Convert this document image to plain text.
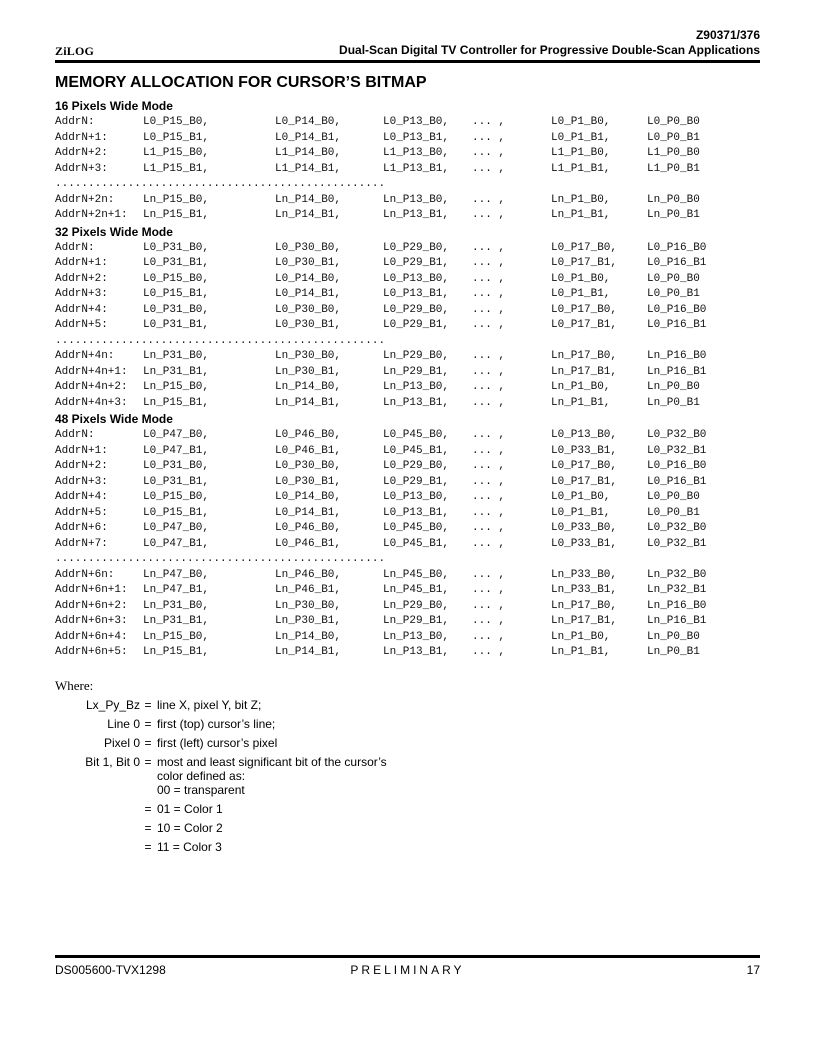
Z90371/376
ZiLOG	Dual-Scan Digital TV Controller for Progressive Double-Scan Applications
MEMORY ALLOCATION FOR CURSOR’S BITMAP
16 Pixels Wide Mode
AddrN:	L0_P15_B0,	L0_P14_B0,	L0_P13_B0, ... ,	L0_P1_B0,	L0_P0_B0
AddrN+1:	L0_P15_B1,	L0_P14_B1,	L0_P13_B1, ... ,	L0_P1_B1,	L0_P0_B1
AddrN+2:	L1_P15_B0,	L1_P14_B0,	L1_P13_B0, ... ,	L1_P1_B0,	L1_P0_B0
AddrN+3:	L1_P15_B1,	L1_P14_B1,	L1_P13_B1, ... ,	L1_P1_B1,	L1_P0_B1
..................................................
AddrN+2n:	Ln_P15_B0,	Ln_P14_B0,	Ln_P13_B0, ... ,	Ln_P1_B0,	Ln_P0_B0
AddrN+2n+1: Ln_P15_B1,	Ln_P14_B1,	Ln_P13_B1, ... ,	Ln_P1_B1,	Ln_P0_B1
32 Pixels Wide Mode
AddrN:	L0_P31_B0,	L0_P30_B0,	L0_P29_B0, ... ,	L0_P17_B0,	L0_P16_B0
AddrN+1:	L0_P31_B1,	L0_P30_B1,	L0_P29_B1, ... ,	L0_P17_B1,	L0_P16_B1
AddrN+2:	L0_P15_B0,	L0_P14_B0,	L0_P13_B0, ... ,	L0_P1_B0,	L0_P0_B0
AddrN+3:	L0_P15_B1,	L0_P14_B1,	L0_P13_B1, ... ,	L0_P1_B1,	L0_P0_B1
AddrN+4:	L0_P31_B0,	L0_P30_B0,	L0_P29_B0, ... ,	L0_P17_B0,	L0_P16_B0
AddrN+5:	L0_P31_B1,	L0_P30_B1,	L0_P29_B1, ... ,	L0_P17_B1,	L0_P16_B1
..................................................
AddrN+4n:	Ln_P31_B0,	Ln_P30_B0,	Ln_P29_B0, ... ,	Ln_P17_B0,	Ln_P16_B0
AddrN+4n+1: Ln_P31_B1,	Ln_P30_B1,	Ln_P29_B1, ... ,	Ln_P17_B1,	Ln_P16_B1
AddrN+4n+2: Ln_P15_B0,	Ln_P14_B0,	Ln_P13_B0, ... ,	Ln_P1_B0,	Ln_P0_B0
AddrN+4n+3: Ln_P15_B1,	Ln_P14_B1,	Ln_P13_B1, ... ,	Ln_P1_B1,	Ln_P0_B1
48 Pixels Wide Mode
AddrN:	L0_P47_B0,	L0_P46_B0,	L0_P45_B0, ... ,	L0_P13_B0,	L0_P32_B0
AddrN+1:	L0_P47_B1,	L0_P46_B1,	L0_P45_B1, ... ,	L0_P33_B1,	L0_P32_B1
AddrN+2:	L0_P31_B0,	L0_P30_B0,	L0_P29_B0, ... ,	L0_P17_B0,	L0_P16_B0
AddrN+3:	L0_P31_B1,	L0_P30_B1,	L0_P29_B1, ... ,	L0_P17_B1,	L0_P16_B1
AddrN+4:	L0_P15_B0,	L0_P14_B0,	L0_P13_B0, ... ,	L0_P1_B0,	L0_P0_B0
AddrN+5:	L0_P15_B1,	L0_P14_B1,	L0_P13_B1, ... ,	L0_P1_B1,	L0_P0_B1
AddrN+6:	L0_P47_B0,	L0_P46_B0,	L0_P45_B0, ... ,	L0_P33_B0,	L0_P32_B0
AddrN+7:	L0_P47_B1,	L0_P46_B1,	L0_P45_B1, ... ,	L0_P33_B1,	L0_P32_B1
..................................................
AddrN+6n:	Ln_P47_B0,	Ln_P46_B0,	Ln_P45_B0, ... ,	Ln_P33_B0,	Ln_P32_B0
AddrN+6n+1: Ln_P47_B1,	Ln_P46_B1,	Ln_P45_B1, ... ,	Ln_P33_B1,	Ln_P32_B1
AddrN+6n+2: Ln_P31_B0,	Ln_P30_B0,	Ln_P29_B0, ... ,	Ln_P17_B0,	Ln_P16_B0
AddrN+6n+3: Ln_P31_B1,	Ln_P30_B1,	Ln_P29_B1, ... ,	Ln_P17_B1,	Ln_P16_B1
AddrN+6n+4: Ln_P15_B0,	Ln_P14_B0,	Ln_P13_B0, ... ,	Ln_P1_B0,	Ln_P0_B0
AddrN+6n+5: Ln_P15_B1,	Ln_P14_B1,	Ln_P13_B1, ... ,	Ln_P1_B1,	Ln_P0_B1
Where:
Lx_Py_Bz = line X, pixel Y, bit Z;
Line 0 = first (top) cursor’s line;
Pixel 0 = first (left) cursor’s pixel
Bit 1, Bit 0 = most and least significant bit of the cursor’s color defined as:
00 = transparent
= 01 = Color 1
= 10 = Color 2
= 11 = Color 3
DS005600-TVX1298	PRELIMINARY	17
